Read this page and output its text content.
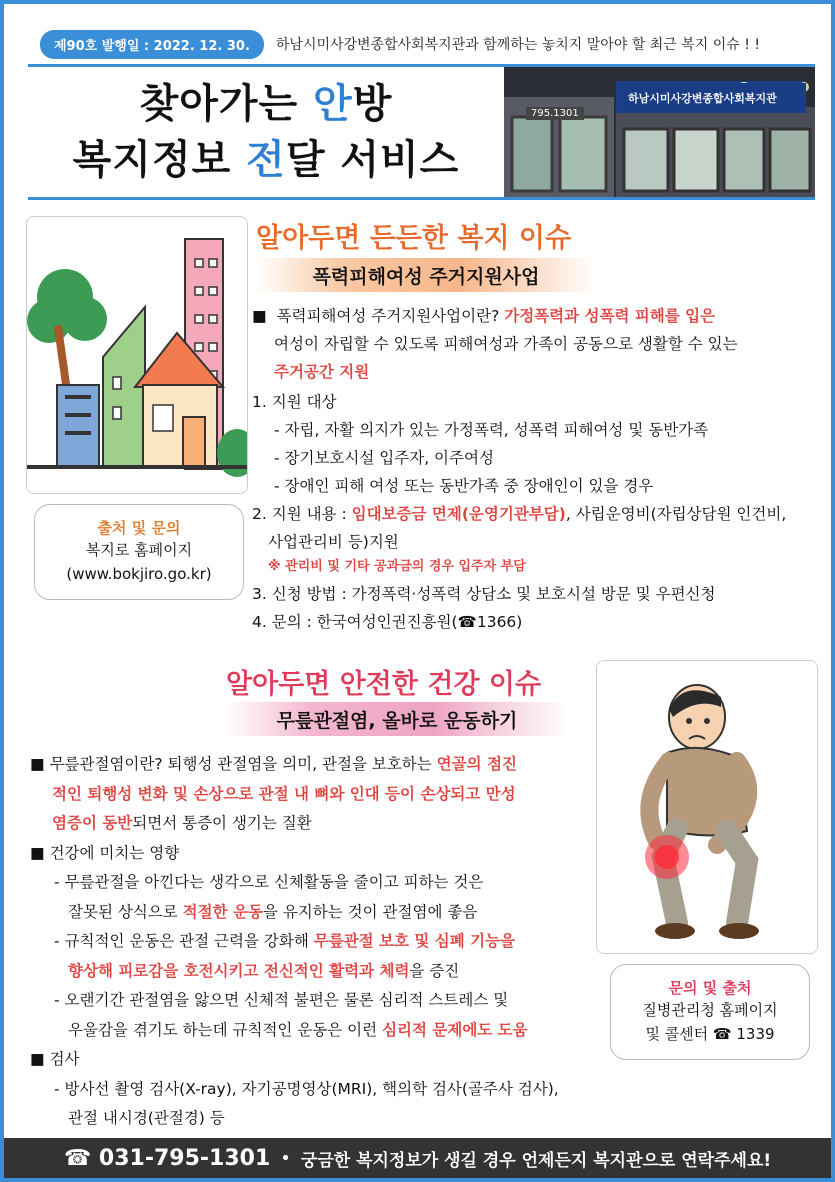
제90호 발행일 : 2022. 12. 30.	하남시미사강변종합사회복지관과 함께하는 놓치지 말아야 할 최근 복지 이슈 ! !
찾아가는 안방
복지정보 전달 서비스
하남시미사강변종합사회복지관
795.1301
출처 및 문의
복지로 홈페이지
(www.bokjiro.go.kr)
알아두면 든든한 복지 이슈
폭력피해여성 주거지원사업

■ 폭력피해여성 주거지원사업이란? 가정폭력과 성폭력 피해를 입은

여성이 자립할 수 있도록 피해여성과 가족이 공동으로 생활할 수 있는

주거공간 지원

1. 지원 대상

- 자립, 자활 의지가 있는 가정폭력, 성폭력 피해여성 및 동반가족

- 장기보호시설 입주자, 이주여성

- 장애인 피해 여성 또는 동반가족 중 장애인이 있을 경우

2. 지원 내용 : 임대보증금 면제(운영기관부담), 사립운영비(자립상담원 인건비,

사업관리비 등)지원

※ 관리비 및 기타 공과금의 경우 입주자 부담

3. 신청 방법 : 가정폭력·성폭력 상담소 및 보호시설 방문 및 우편신청

4. 문의 : 한국여성인권진흥원(☎1366)

알아두면 안전한 건강 이슈
무릎관절염, 올바로 운동하기
문의 및 출처
질병관리청 홈페이지
및 콜센터 ☎ 1339

■ 무릎관절염이란? 퇴행성 관절염을 의미, 관절을 보호하는 연골의 점진

적인 퇴행성 변화 및 손상으로 관절 내 뼈와 인대 등이 손상되고 만성

염증이 동반되면서 통증이 생기는 질환

■ 건강에 미치는 영향

- 무릎관절을 아낀다는 생각으로 신체활동을 줄이고 피하는 것은

잘못된 상식으로 적절한 운동을 유지하는 것이 관절염에 좋음

- 규칙적인 운동은 관절 근력을 강화해 무릎관절 보호 및 심폐 기능을

향상해 피로감을 호전시키고 전신적인 활력과 체력을 증진

- 오랜기간 관절염을 앓으면 신체적 불편은 물론 심리적 스트레스 및

우울감을 겪기도 하는데 규칙적인 운동은 이런 심리적 문제에도 도움

■ 검사

- 방사선 촬영 검사(X-ray), 자기공명영상(MRI), 핵의학 검사(골주사 검사),

관절 내시경(관절경) 등

☎ 031-795-1301 • 궁금한 복지정보가 생길 경우 언제든지 복지관으로 연락주세요!
